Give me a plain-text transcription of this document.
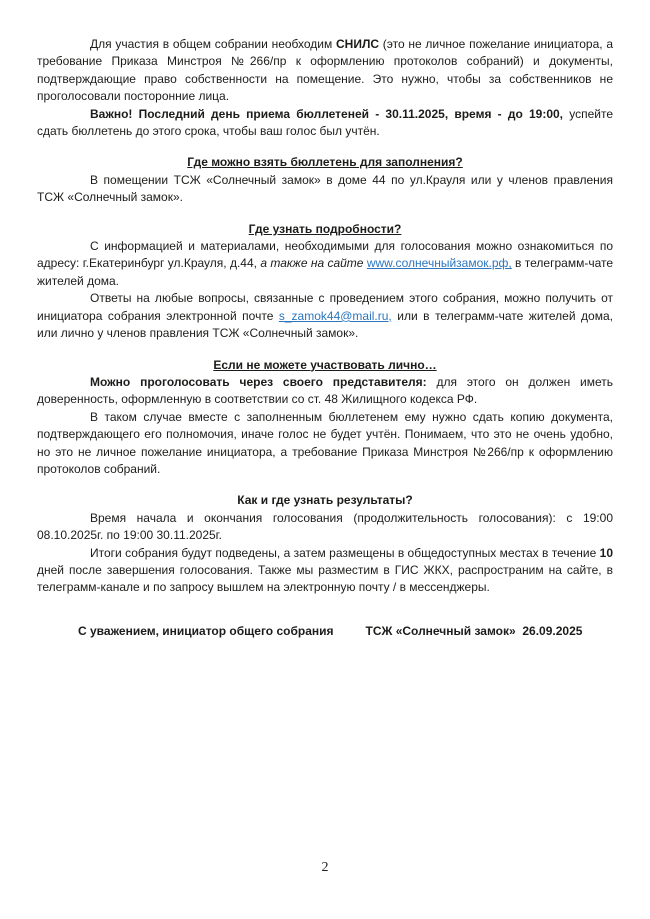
Для участия в общем собрании необходим СНИЛС (это не личное пожелание инициатора, а требование Приказа Минстроя №266/пр к оформлению протоколов собраний) и документы, подтверждающие право собственности на помещение. Это нужно, чтобы за собственников не проголосовали посторонние лица.

Важно! Последний день приема бюллетеней - 30.11.2025, время - до 19:00, успейте сдать бюллетень до этого срока, чтобы ваш голос был учтён.

Где можно взять бюллетень для заполнения?

В помещении ТСЖ «Солнечный замок» в доме 44 по ул.Крауля или у членов правления ТСЖ «Солнечный замок».

Где узнать подробности?

С информацией и материалами, необходимыми для голосования можно ознакомиться по адресу: г.Екатеринбург ул.Крауля, д.44, а также на сайте www.солнечныйзамок.рф, в телеграмм-чате жителей дома.

Ответы на любые вопросы, связанные с проведением этого собрания, можно получить от инициатора собрания электронной почте s_zamok44@mail.ru, или в телеграмм-чате жителей дома, или лично у членов правления ТСЖ «Солнечный замок».

Если не можете участвовать лично…

Можно проголосовать через своего представителя: для этого он должен иметь доверенность, оформленную в соответствии со ст. 48 Жилищного кодекса РФ.

В таком случае вместе с заполненным бюллетенем ему нужно сдать копию документа, подтверждающего его полномочия, иначе голос не будет учтён. Понимаем, что это не очень удобно, но это не личное пожелание инициатора, а требование Приказа Минстроя №266/пр к оформлению протоколов собраний.

Как и где узнать результаты?

Время начала и окончания голосования (продолжительность голосования): с 19:00 08.10.2025г. по 19:00 30.11.2025г.

Итоги собрания будут подведены, а затем размещены в общедоступных местах в течение 10 дней после завершения голосования. Также мы разместим в ГИС ЖКХ, распространим на сайте, в телеграмм-канале и по запросу вышлем на электронную почту / в мессенджеры.

С уважением, инициатор общего собрания	ТСЖ «Солнечный замок»  26.09.2025
2
